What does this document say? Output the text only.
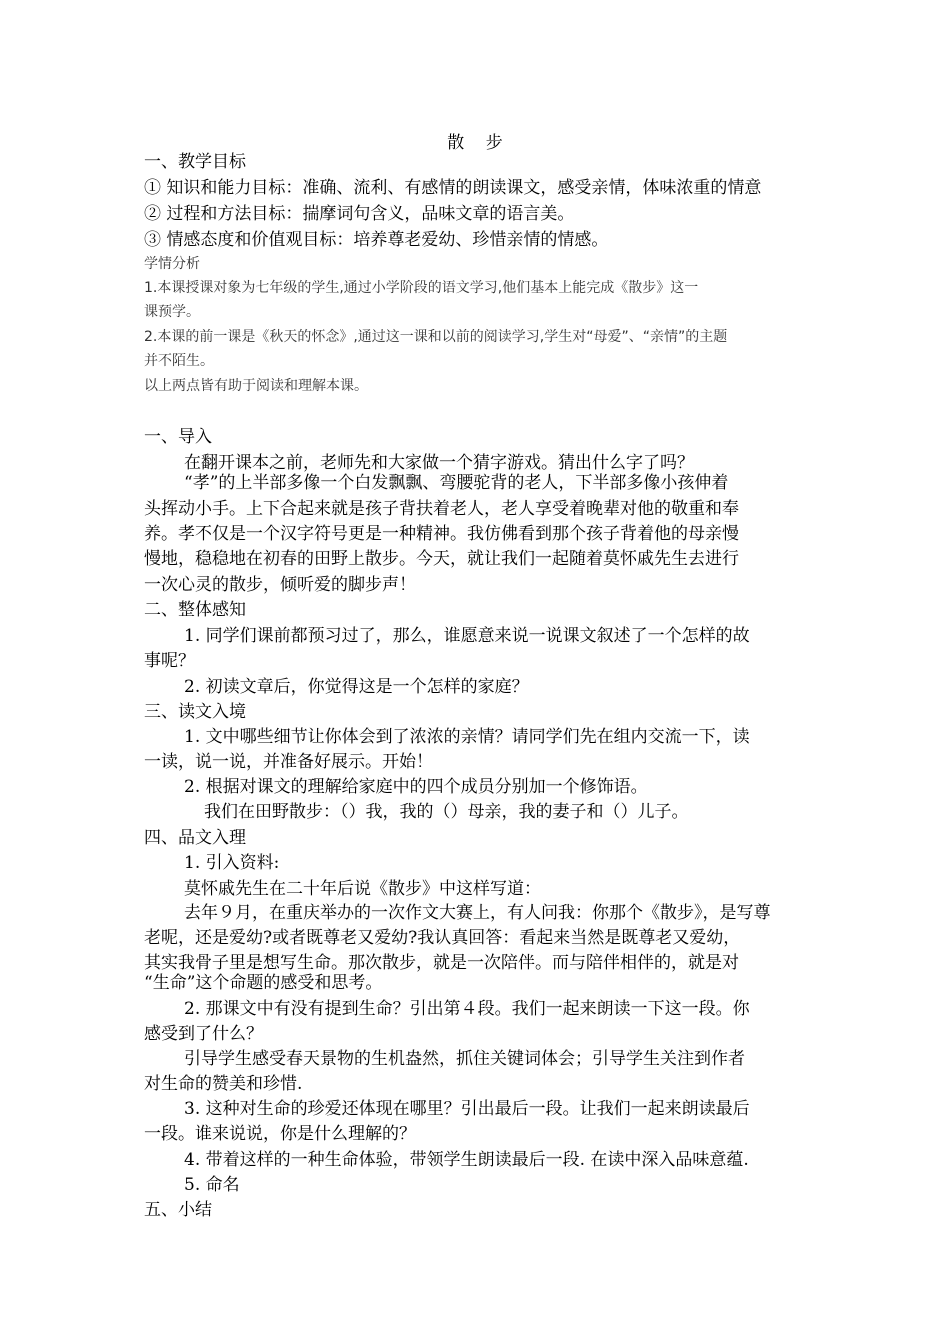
散    步
一、教学目标
① 知识和能力目标：准确、流利、有感情的朗读课文，感受亲情，体味浓重的情意
② 过程和方法目标：揣摩词句含义，品味文章的语言美。
③ 情感态度和价值观目标：培养尊老爱幼、珍惜亲情的情感。
学情分析
1.本课授课对象为七年级的学生,通过小学阶段的语文学习,他们基本上能完成《散步》这一
课预学。
2.本课的前一课是《秋天的怀念》,通过这一课和以前的阅读学习,学生对“母爱”、“亲情”的主题
并不陌生。
以上两点皆有助于阅读和理解本课。
一、导入
在翻开课本之前，老师先和大家做一个猜字游戏。猜出什么字了吗？
“孝”的上半部多像一个白发飘飘、弯腰驼背的老人，下半部多像小孩伸着
头挥动小手。上下合起来就是孩子背扶着老人，老人享受着晚辈对他的敬重和奉
养。孝不仅是一个汉字符号更是一种精神。我仿佛看到那个孩子背着他的母亲慢
慢地，稳稳地在初春的田野上散步。今天，就让我们一起随着莫怀戚先生去进行
一次心灵的散步，倾听爱的脚步声！
二、整体感知
1. 同学们课前都预习过了，那么，谁愿意来说一说课文叙述了一个怎样的故
事呢？
2. 初读文章后，你觉得这是一个怎样的家庭？
三、读文入境
1. 文中哪些细节让你体会到了浓浓的亲情？请同学们先在组内交流一下，读
一读，说一说，并准备好展示。开始！
2. 根据对课文的理解给家庭中的四个成员分别加一个修饰语。
我们在田野散步：（）我，我的（）母亲，我的妻子和（）儿子。
四、品文入理
1. 引入资料:
莫怀戚先生在二十年后说《散步》中这样写道：
去年９月，在重庆举办的一次作文大赛上，有人问我：你那个《散步》，是写尊
老呢，还是爱幼?或者既尊老又爱幼?我认真回答：看起来当然是既尊老又爱幼，
其实我骨子里是想写生命。那次散步，就是一次陪伴。而与陪伴相伴的，就是对
“生命”这个命题的感受和思考。
2. 那课文中有没有提到生命？引出第４段。我们一起来朗读一下这一段。你
感受到了什么？
引导学生感受春天景物的生机盎然，抓住关键词体会；引导学生关注到作者
对生命的赞美和珍惜.
3. 这种对生命的珍爱还体现在哪里？引出最后一段。让我们一起来朗读最后
一段。谁来说说，你是什么理解的？
4. 带着这样的一种生命体验，带领学生朗读最后一段. 在读中深入品味意蕴.
5. 命名
五、小结
